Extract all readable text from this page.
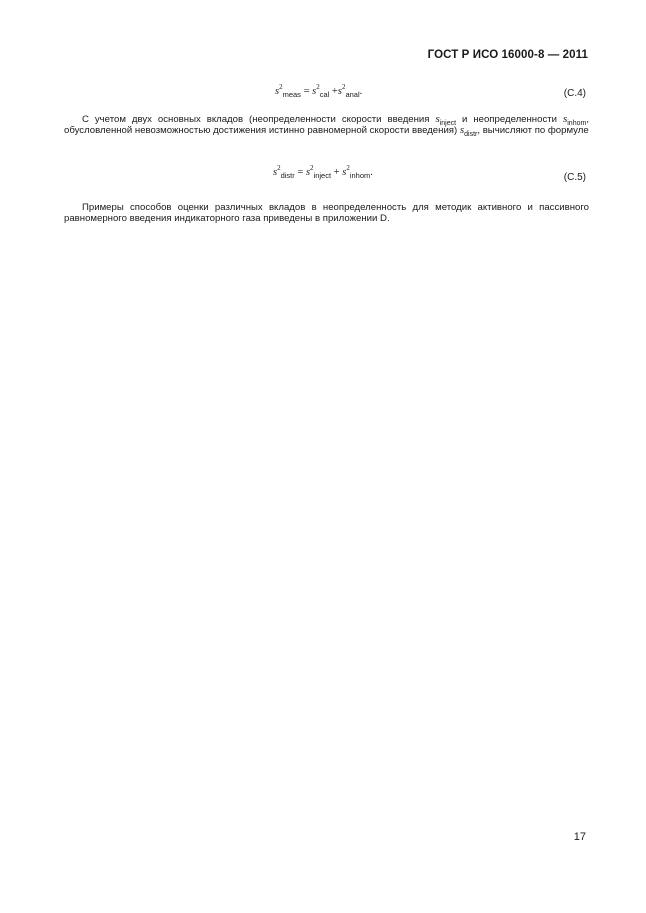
ГОСТ Р ИСО 16000-8 — 2011
$s^2_{meas} = s^2_{cal} +s^2_{anal}$.	(C.4)
С учетом двух основных вкладов (неопределенности скорости введения $s_{inject}$ и неопределенности $s_{inhom}$, обусловленной невозможностью достижения истинно равномерной скорости введения) $s_{distr}$, вычисляют по формуле
$s^2_{distr} = s^2_{inject} + s^2_{inhom}$.	(C.5)
Примеры способов оценки различных вкладов в неопределенность для методик активного и пассивного равномерного введения индикаторного газа приведены в приложении D.
17
